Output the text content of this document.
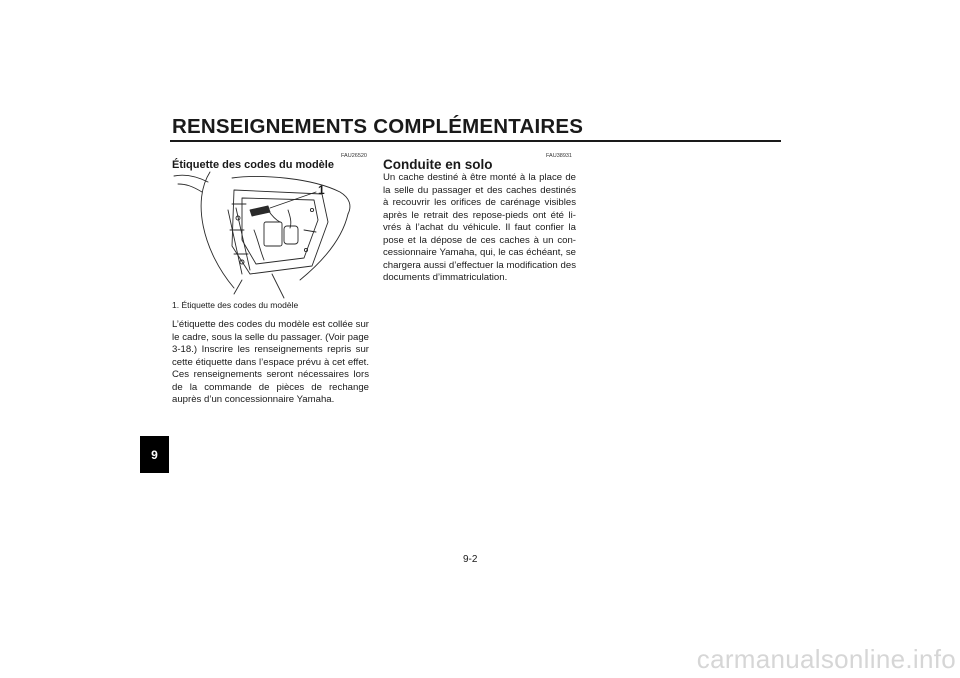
RENSEIGNEMENTS COMPLÉMENTAIRES
9
FAU26520
Étiquette des codes du modèle
1
1. Étiquette des codes du modèle

L’étiquette des codes du modèle est collée sur le cadre, sous la selle du passager. (Voir page 3-18.) Inscrire les renseignements repris sur cette étiquette dans l’espace prévu à cet effet. Ces renseignements seront nécessaires lors de la commande de pièces de rechange auprès d’un concessionnaire Yamaha.

FAU38931
Conduite en solo

Un cache destiné à être monté à la place de la selle du passager et des caches destinés à recouvrir les orifices de carénage visibles après le retrait des repose-pieds ont été livrés à l’achat du véhicule. Il faut confier la pose et la dépose de ces caches à un concessionnaire Yamaha, qui, le cas échéant, se chargera aussi d’effectuer la modification des documents d’immatriculation.

9-2
carmanualsonline.info
